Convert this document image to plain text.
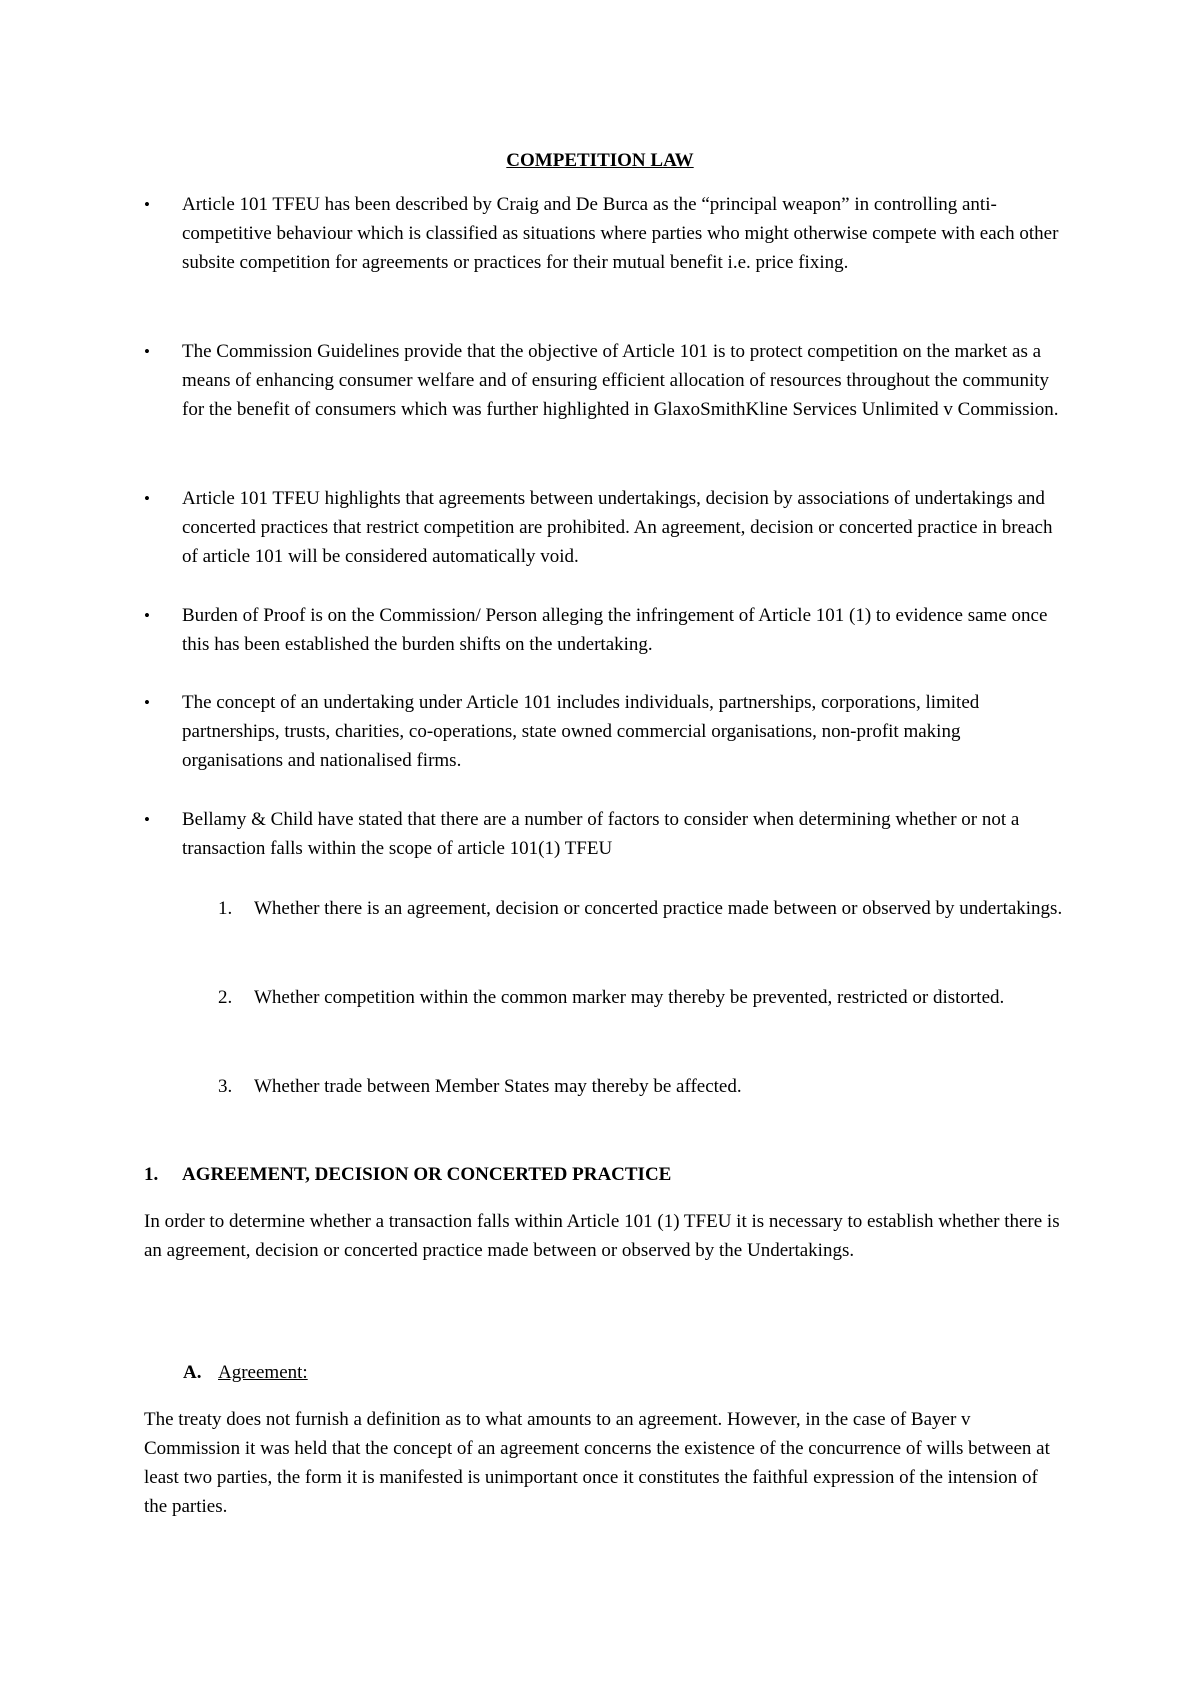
COMPETITION LAW
•	Article 101 TFEU has been described by Craig and De Burca as the “principal weapon” in controlling anti-competitive behaviour which is classified as situations where parties who might otherwise compete with each other subsite competition for agreements or practices for their mutual benefit i.e. price fixing.
•	The Commission Guidelines provide that the objective of Article 101 is to protect competition on the market as a means of enhancing consumer welfare and of ensuring efficient allocation of resources throughout the community for the benefit of consumers which was further highlighted in GlaxoSmithKline Services Unlimited v Commission.
•	Article 101 TFEU highlights that agreements between undertakings, decision by associations of undertakings and concerted practices that restrict competition are prohibited. An agreement, decision or concerted practice in breach of article 101 will be considered automatically void.
•	Burden of Proof is on the Commission/ Person alleging the infringement of Article 101 (1) to evidence same once this has been established the burden shifts on the undertaking.
•	The concept of an undertaking under Article 101 includes individuals, partnerships, corporations, limited partnerships, trusts, charities, co-operations, state owned commercial organisations, non-profit making organisations and nationalised firms.
•	Bellamy & Child have stated that there are a number of factors to consider when determining whether or not a transaction falls within the scope of article 101(1) TFEU
1.	Whether there is an agreement, decision or concerted practice made between or observed by undertakings.
2.	Whether competition within the common marker may thereby be prevented, restricted or distorted.
3.	Whether trade between Member States may thereby be affected.
1. AGREEMENT, DECISION OR CONCERTED PRACTICE
In order to determine whether a transaction falls within Article 101 (1) TFEU it is necessary to establish whether there is an agreement, decision or concerted practice made between or observed by the Undertakings.
A. Agreement:
The treaty does not furnish a definition as to what amounts to an agreement. However, in the case of Bayer v Commission it was held that the concept of an agreement concerns the existence of the concurrence of wills between at least two parties, the form it is manifested is unimportant once it constitutes the faithful expression of the intension of the parties.
